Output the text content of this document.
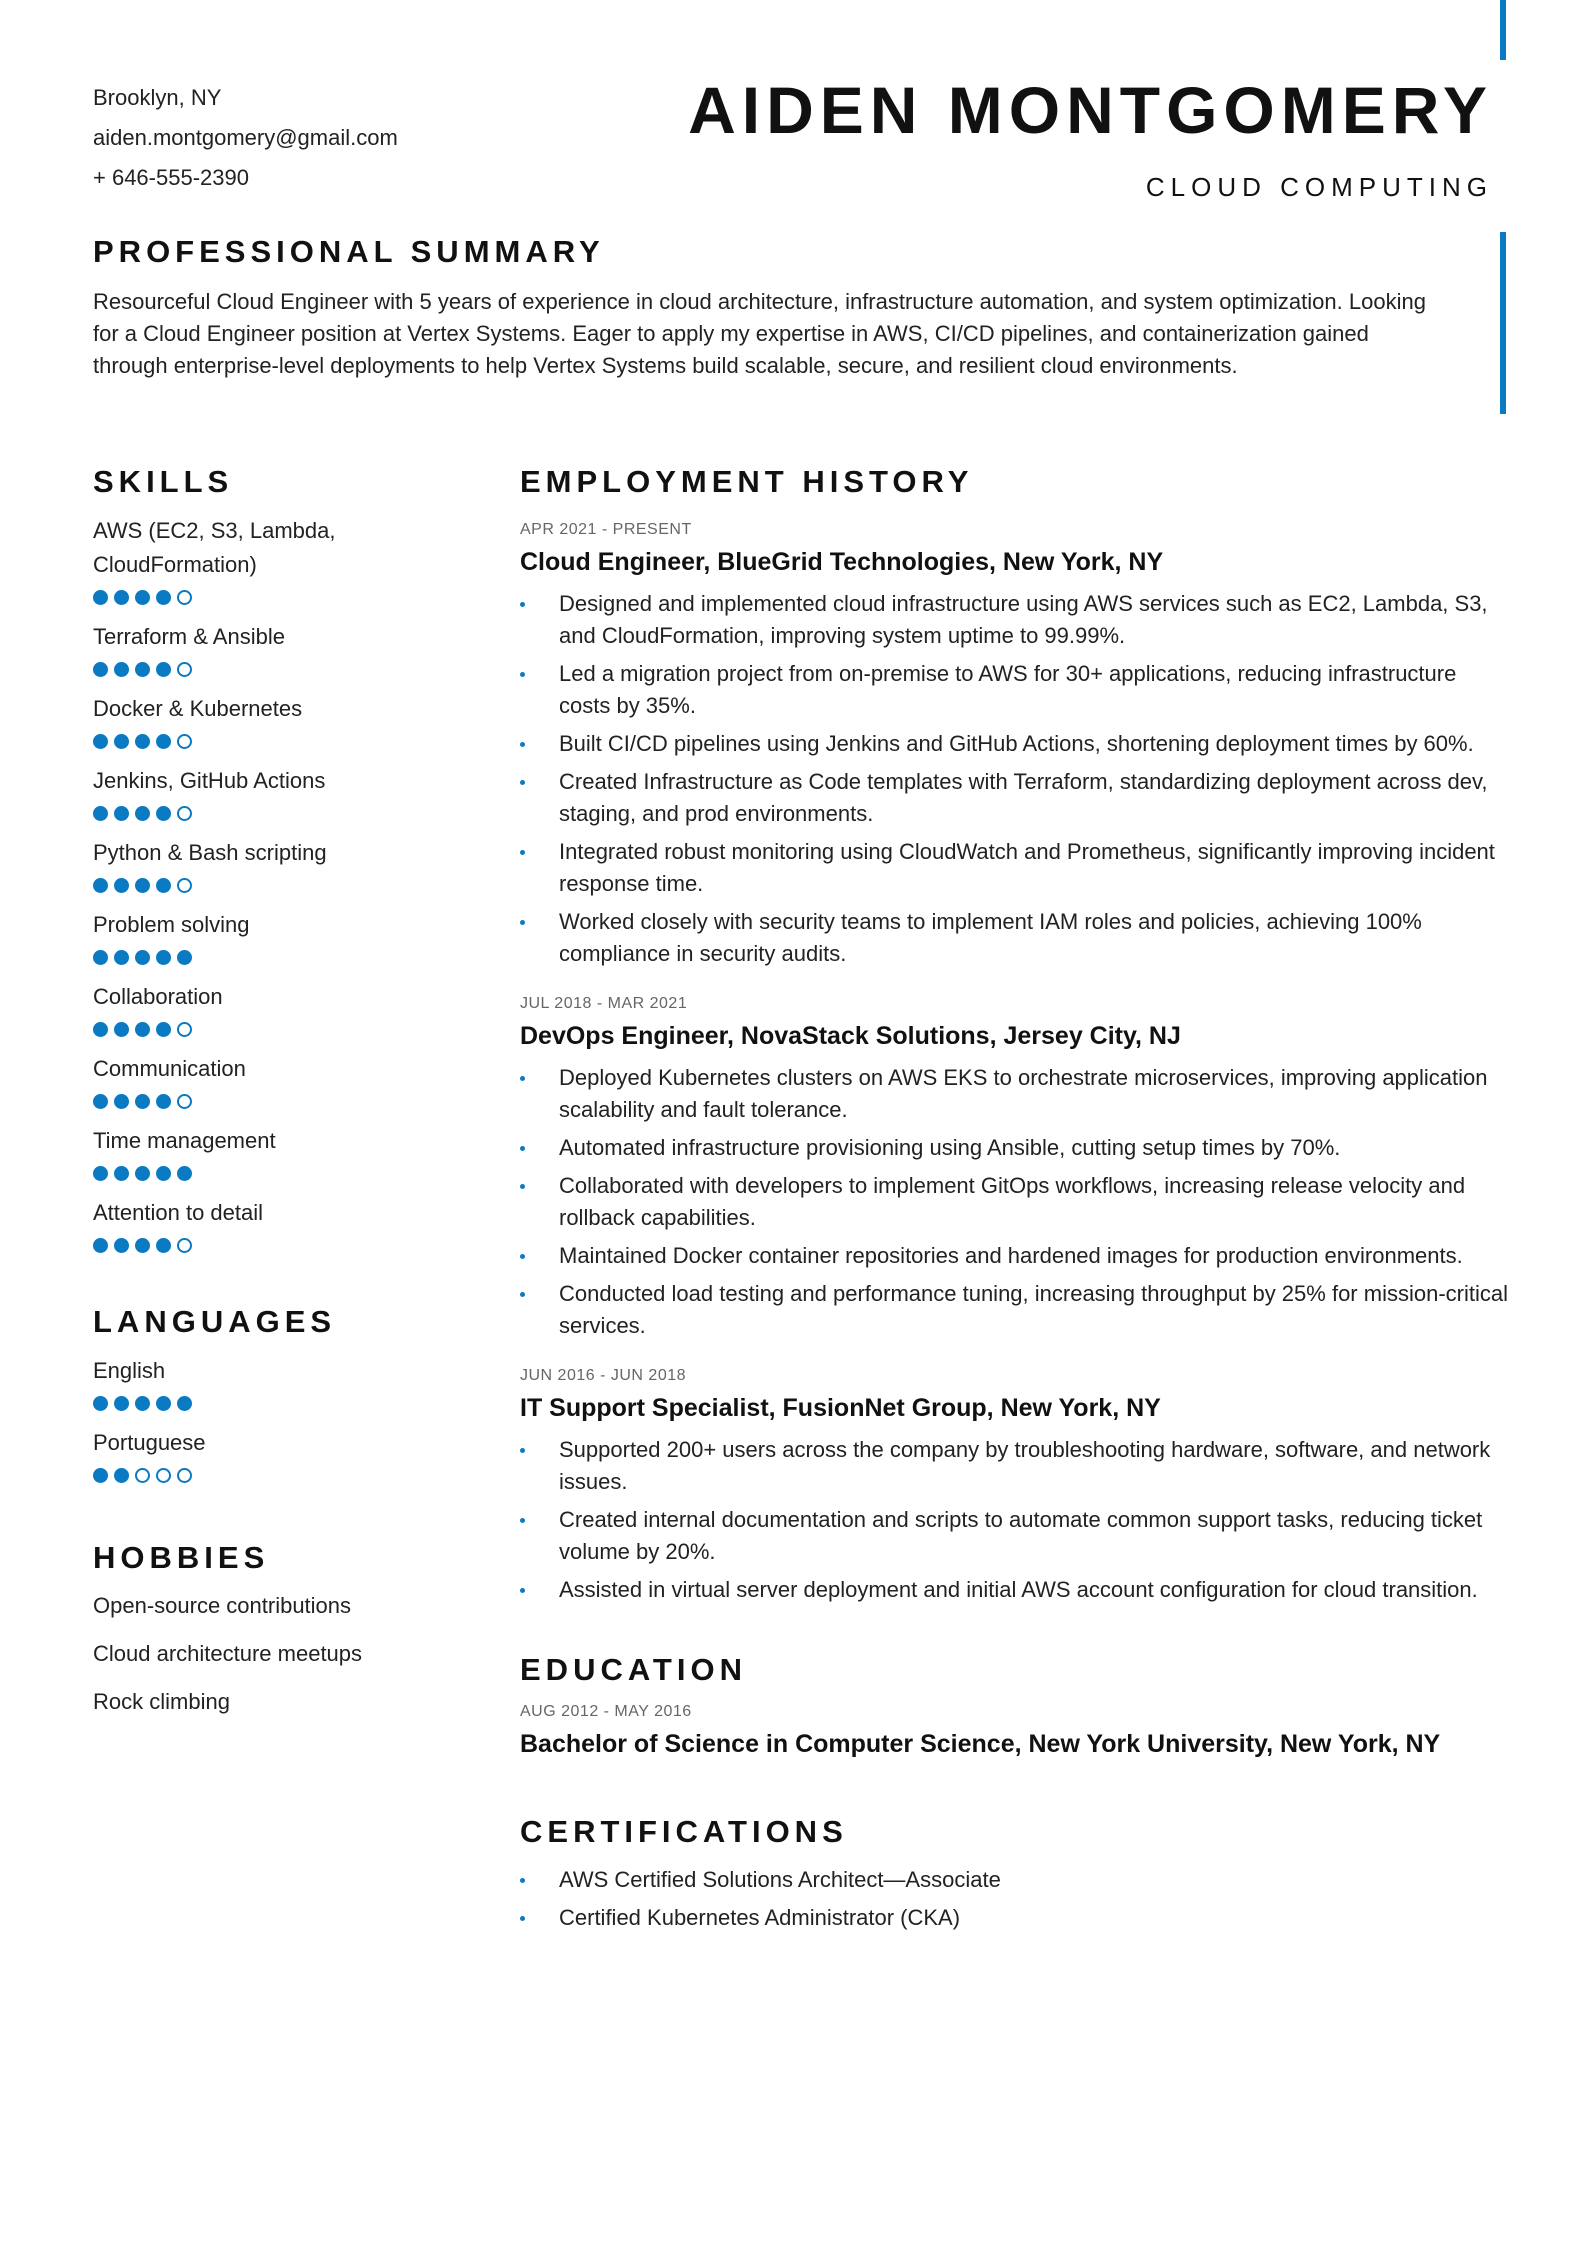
Brooklyn, NY
aiden.montgomery@gmail.com
+ 646-555-2390
AIDEN MONTGOMERY
CLOUD COMPUTING
PROFESSIONAL SUMMARY

Resourceful Cloud Engineer with 5 years of experience in cloud architecture, infrastructure automation, and system optimization. Looking for a Cloud Engineer position at Vertex Systems. Eager to apply my expertise in AWS, CI/CD pipelines, and containerization gained through enterprise-level deployments to help Vertex Systems build scalable, secure, and resilient cloud environments.

SKILLS
AWS (EC2, S3, Lambda, CloudFormation)
Terraform & Ansible
Docker & Kubernetes
Jenkins, GitHub Actions
Python & Bash scripting
Problem solving
Collaboration
Communication
Time management
Attention to detail
LANGUAGES
English
Portuguese
HOBBIES
Open-source contributions
Cloud architecture meetups
Rock climbing
EMPLOYMENT HISTORY
APR 2021 - PRESENT
Cloud Engineer, BlueGrid Technologies, New York, NY
Designed and implemented cloud infrastructure using AWS services such as EC2, Lambda, S3, and CloudFormation, improving system uptime to 99.99%.
Led a migration project from on-premise to AWS for 30+ applications, reducing infrastructure costs by 35%.
Built CI/CD pipelines using Jenkins and GitHub Actions, shortening deployment times by 60%.
Created Infrastructure as Code templates with Terraform, standardizing deployment across dev, staging, and prod environments.
Integrated robust monitoring using CloudWatch and Prometheus, significantly improving incident response time.
Worked closely with security teams to implement IAM roles and policies, achieving 100% compliance in security audits.
JUL 2018 - MAR 2021
DevOps Engineer, NovaStack Solutions, Jersey City, NJ
Deployed Kubernetes clusters on AWS EKS to orchestrate microservices, improving application scalability and fault tolerance.
Automated infrastructure provisioning using Ansible, cutting setup times by 70%.
Collaborated with developers to implement GitOps workflows, increasing release velocity and rollback capabilities.
Maintained Docker container repositories and hardened images for production environments.
Conducted load testing and performance tuning, increasing throughput by 25% for mission-critical services.
JUN 2016 - JUN 2018
IT Support Specialist, FusionNet Group, New York, NY
Supported 200+ users across the company by troubleshooting hardware, software, and network issues.
Created internal documentation and scripts to automate common support tasks, reducing ticket volume by 20%.
Assisted in virtual server deployment and initial AWS account configuration for cloud transition.
EDUCATION
AUG 2012 - MAY 2016
Bachelor of Science in Computer Science, New York University, New York, NY
CERTIFICATIONS
AWS Certified Solutions Architect—Associate
Certified Kubernetes Administrator (CKA)
